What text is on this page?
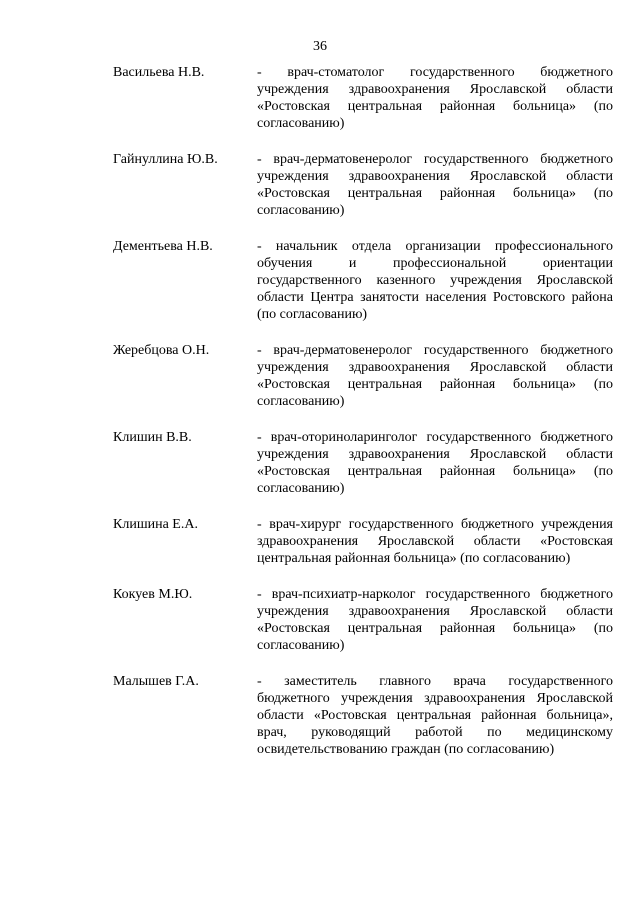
36
Васильева Н.В.	- врач-стоматолог государственного бюджетного учреждения здравоохранения Ярославской области «Ростовская центральная районная больница» (по согласованию)
Гайнуллина Ю.В.	- врач-дерматовенеролог государственного бюджетного учреждения здравоохранения Ярославской области «Ростовская центральная районная больница» (по согласованию)
Дементьева Н.В.	- начальник отдела организации профессионального обучения и профессиональной ориентации государственного казенного учреждения Ярославской области Центра занятости населения Ростовского района (по согласованию)
Жеребцова О.Н.	- врач-дерматовенеролог государственного бюджетного учреждения здравоохранения Ярославской области «Ростовская центральная районная больница» (по согласованию)
Клишин В.В.	- врач-оториноларинголог государственного бюджетного учреждения здравоохранения Ярославской области «Ростовская центральная районная больница» (по согласованию)
Клишина Е.А.	- врач-хирург государственного бюджетного учреждения здравоохранения Ярославской области «Ростовская центральная районная больница» (по согласованию)
Кокуев М.Ю.	- врач-психиатр-нарколог государственного бюджетного учреждения здравоохранения Ярославской области «Ростовская центральная районная больница» (по согласованию)
Малышев Г.А.	- заместитель главного врача государственного бюджетного учреждения здравоохранения Ярославской области «Ростовская центральная районная больница», врач, руководящий работой по медицинскому освидетельствованию граждан (по согласованию)
